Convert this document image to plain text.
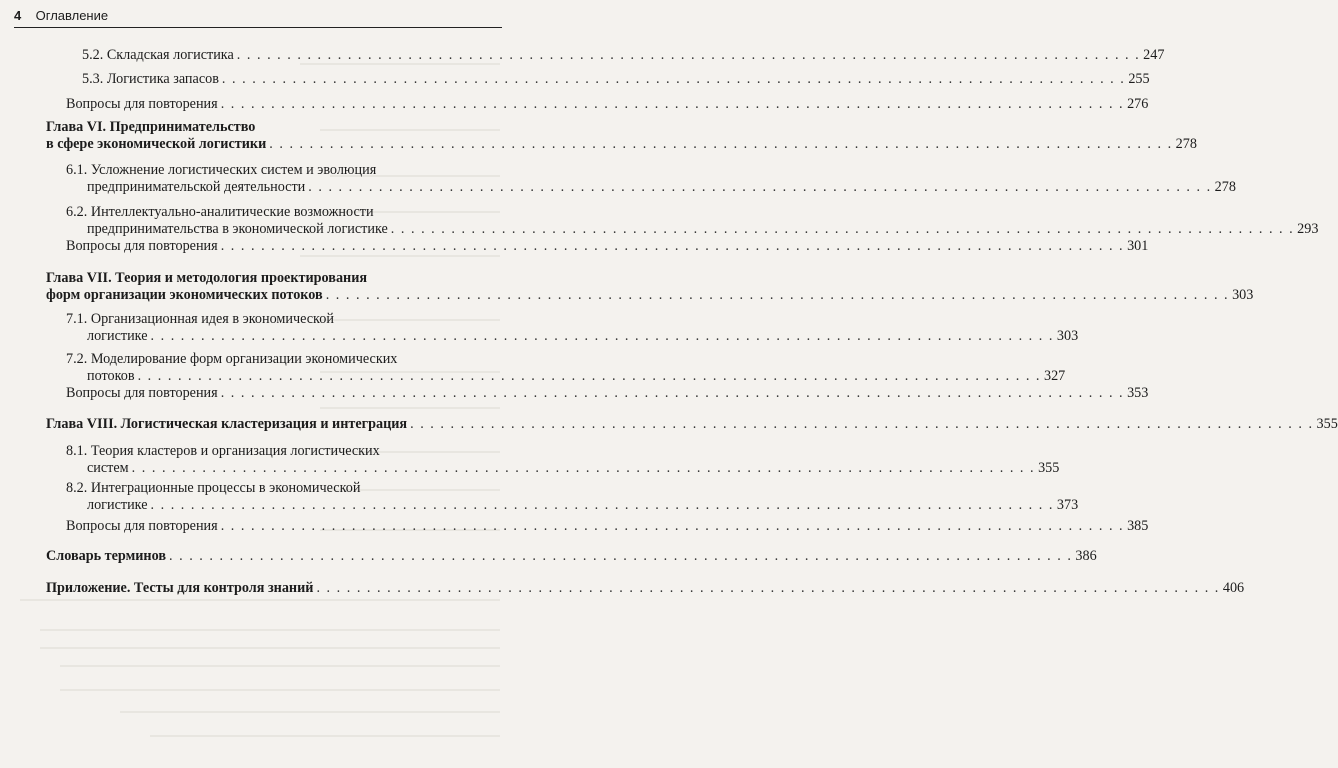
4 Оглавление
5.2. Складская логистика . . .	247
5.3. Логистика запасов . . .	255
Вопросы для повторения . . .	276
Глава VI. Предпринимательство
в сфере экономической логистики . . .	278
6.1. Усложнение логистических систем и эволюция
предпринимательской деятельности . . .	278
6.2. Интеллектуально-аналитические возможности
предпринимательства в экономической логистике . . .	293
Вопросы для повторения . . .	301
Глава VII. Теория и методология проектирования
форм организации экономических потоков . . .	303
7.1. Организационная идея в экономической
логистике . . .	303
7.2. Моделирование форм организации экономических
потоков . . .	327
Вопросы для повторения . . .	353
Глава VIII. Логистическая кластеризация и интеграция . . .	355
8.1. Теория кластеров и организация логистических
систем . . .	355
8.2. Интеграционные процессы в экономической
логистике . . .	373
Вопросы для повторения . . .	385
Словарь терминов . . .	386
Приложение. Тесты для контроля знаний . . .	406
